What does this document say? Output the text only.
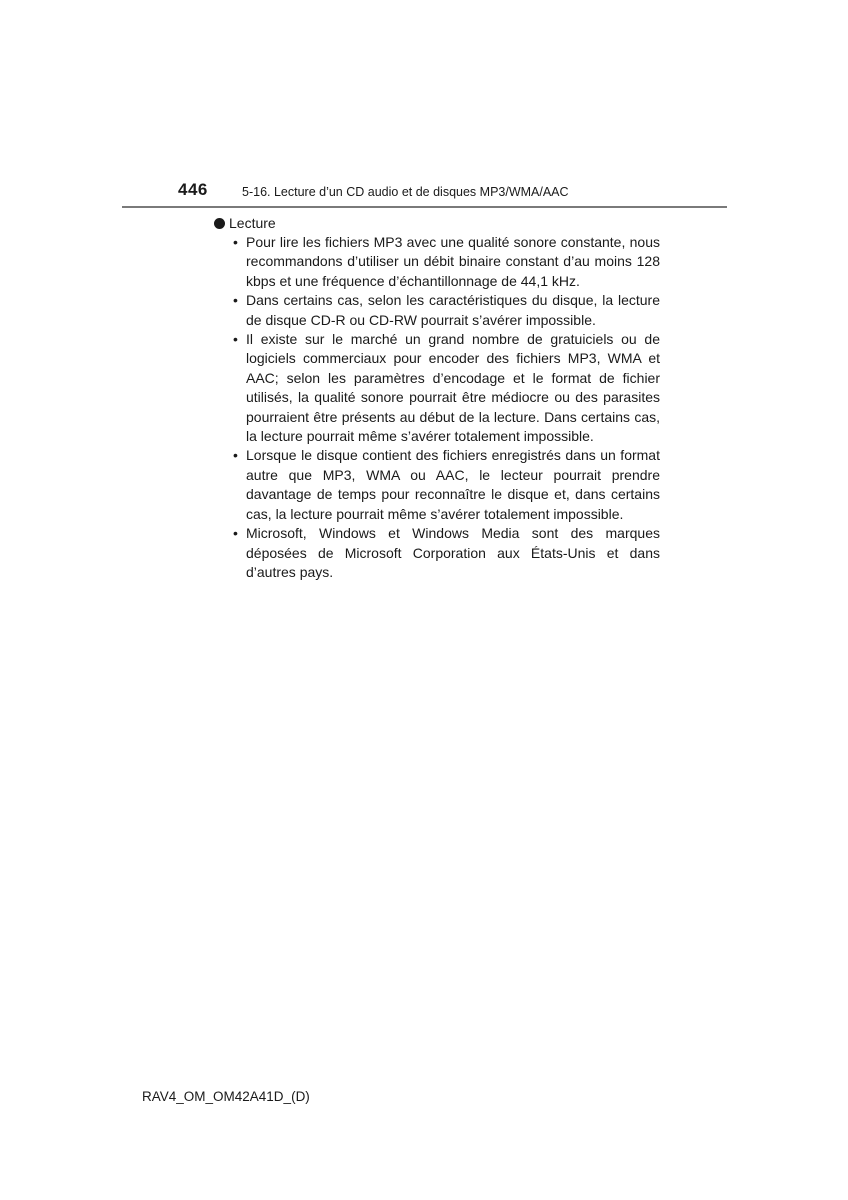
446	5-16. Lecture d’un CD audio et de disques MP3/WMA/AAC
Lecture
• Pour lire les fichiers MP3 avec une qualité sonore constante, nous recommandons d’utiliser un débit binaire constant d’au moins 128 kbps et une fréquence d’échantillonnage de 44,1 kHz.
• Dans certains cas, selon les caractéristiques du disque, la lecture de disque CD-R ou CD-RW pourrait s’avérer impossible.
• Il existe sur le marché un grand nombre de gratuiciels ou de logiciels commerciaux pour encoder des fichiers MP3, WMA et AAC; selon les paramètres d’encodage et le format de fichier utilisés, la qualité sonore pourrait être médiocre ou des parasites pourraient être présents au début de la lecture. Dans certains cas, la lecture pourrait même s’avérer totalement impossible.
• Lorsque le disque contient des fichiers enregistrés dans un format autre que MP3, WMA ou AAC, le lecteur pourrait prendre davantage de temps pour reconnaître le disque et, dans certains cas, la lecture pourrait même s’avérer totalement impossible.
• Microsoft, Windows et Windows Media sont des marques déposées de Microsoft Corporation aux États-Unis et dans d’autres pays.
RAV4_OM_OM42A41D_(D)
